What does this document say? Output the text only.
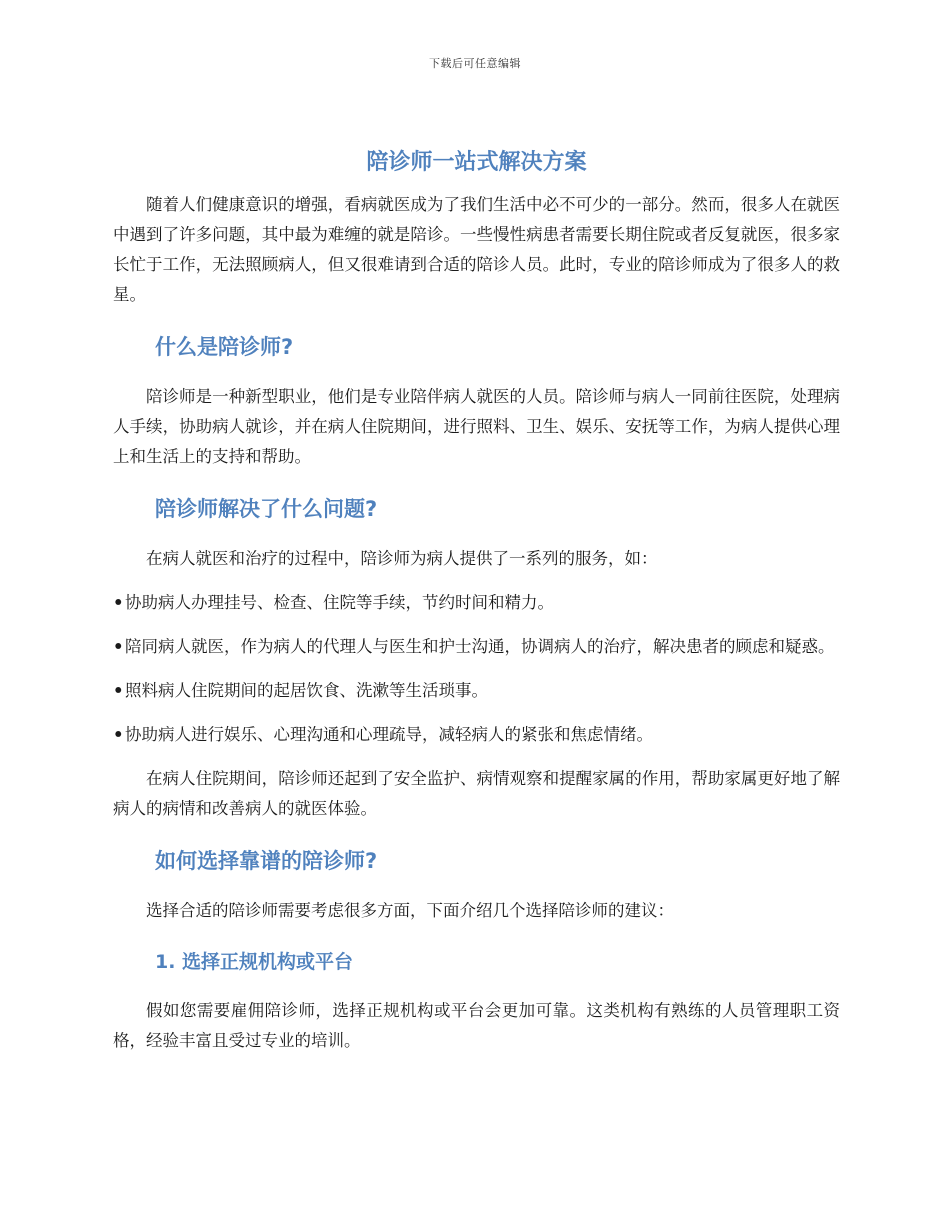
下载后可任意编辑
陪诊师一站式解决方案

随着人们健康意识的增强，看病就医成为了我们生活中必不可少的一部分。然而，很多人在就医中遇到了许多问题，其中最为难缠的就是陪诊。一些慢性病患者需要长期住院或者反复就医，很多家长忙于工作，无法照顾病人，但又很难请到合适的陪诊人员。此时，专业的陪诊师成为了很多人的救星。

什么是陪诊师?

陪诊师是一种新型职业，他们是专业陪伴病人就医的人员。陪诊师与病人一同前往医院，处理病人手续，协助病人就诊，并在病人住院期间，进行照料、卫生、娱乐、安抚等工作，为病人提供心理上和生活上的支持和帮助。

陪诊师解决了什么问题?

在病人就医和治疗的过程中，陪诊师为病人提供了一系列的服务，如：

•协助病人办理挂号、检查、住院等手续，节约时间和精力。

•陪同病人就医，作为病人的代理人与医生和护士沟通，协调病人的治疗，解决患者的顾虑和疑惑。

•照料病人住院期间的起居饮食、洗漱等生活琐事。

•协助病人进行娱乐、心理沟通和心理疏导，减轻病人的紧张和焦虑情绪。

在病人住院期间，陪诊师还起到了安全监护、病情观察和提醒家属的作用，帮助家属更好地了解病人的病情和改善病人的就医体验。

如何选择靠谱的陪诊师?

选择合适的陪诊师需要考虑很多方面，下面介绍几个选择陪诊师的建议：

1. 选择正规机构或平台

假如您需要雇佣陪诊师，选择正规机构或平台会更加可靠。这类机构有熟练的人员管理职工资格，经验丰富且受过专业的培训。
